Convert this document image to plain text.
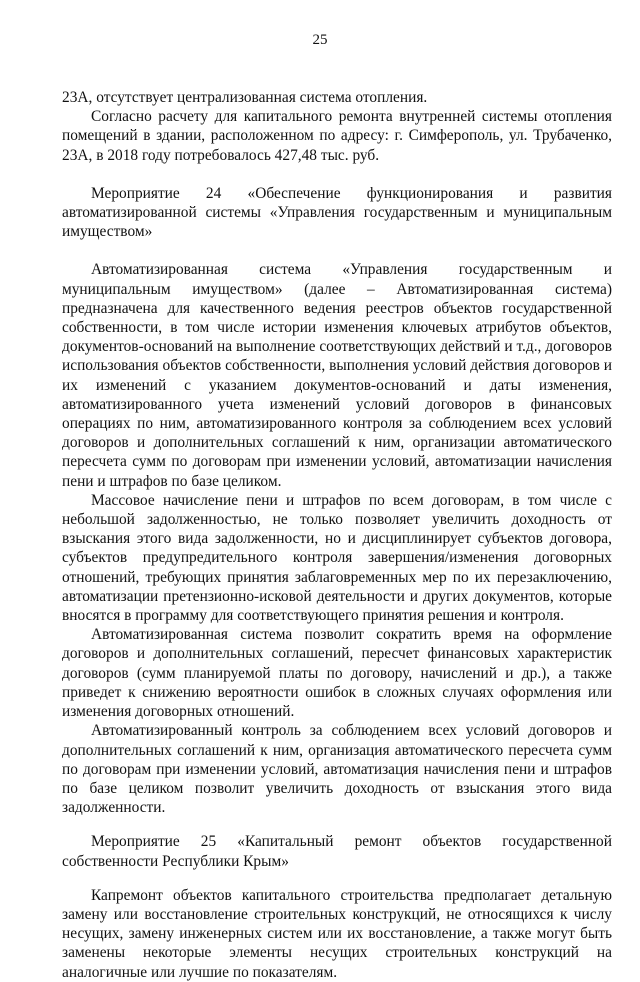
25

23А, отсутствует централизованная система отопления.

Согласно расчету для капитального ремонта внутренней системы отопления помещений в здании, расположенном по адресу: г. Симферополь, ул. Трубаченко, 23А, в 2018 году потребовалось 427,48 тыс. руб.

Мероприятие 24 «Обеспечение функционирования и развития автоматизированной системы «Управления государственным и муниципальным имуществом»

Автоматизированная система «Управления государственным и муниципальным имуществом» (далее – Автоматизированная система) предназначена для качественного ведения реестров объектов государственной собственности, в том числе истории изменения ключевых атрибутов объектов, документов-оснований на выполнение соответствующих действий и т.д., договоров использования объектов собственности, выполнения условий действия договоров и их изменений с указанием документов-оснований и даты изменения, автоматизированного учета изменений условий договоров в финансовых операциях по ним, автоматизированного контроля за соблюдением всех условий договоров и дополнительных соглашений к ним, организации автоматического пересчета сумм по договорам при изменении условий, автоматизации начисления пени и штрафов по базе целиком.

Массовое начисление пени и штрафов по всем договорам, в том числе с небольшой задолженностью, не только позволяет увеличить доходность от взыскания этого вида задолженности, но и дисциплинирует субъектов договора, субъектов предупредительного контроля завершения/изменения договорных отношений, требующих принятия заблаговременных мер по их перезаключению, автоматизации претензионно-исковой деятельности и других документов, которые вносятся в программу для соответствующего принятия решения и контроля.

Автоматизированная система позволит сократить время на оформление договоров и дополнительных соглашений, пересчет финансовых характеристик договоров (сумм планируемой платы по договору, начислений и др.), а также приведет к снижению вероятности ошибок в сложных случаях оформления или изменения договорных отношений.

Автоматизированный контроль за соблюдением всех условий договоров и дополнительных соглашений к ним, организация автоматического пересчета сумм по договорам при изменении условий, автоматизация начисления пени и штрафов по базе целиком позволит увеличить доходность от взыскания этого вида задолженности.

Мероприятие 25 «Капитальный ремонт объектов государственной собственности Республики Крым»

Капремонт объектов капитального строительства предполагает детальную замену или восстановление строительных конструкций, не относящихся к числу несущих, замену инженерных систем или их восстановление, а также могут быть заменены некоторые элементы несущих строительных конструкций на аналогичные или лучшие по показателям.
